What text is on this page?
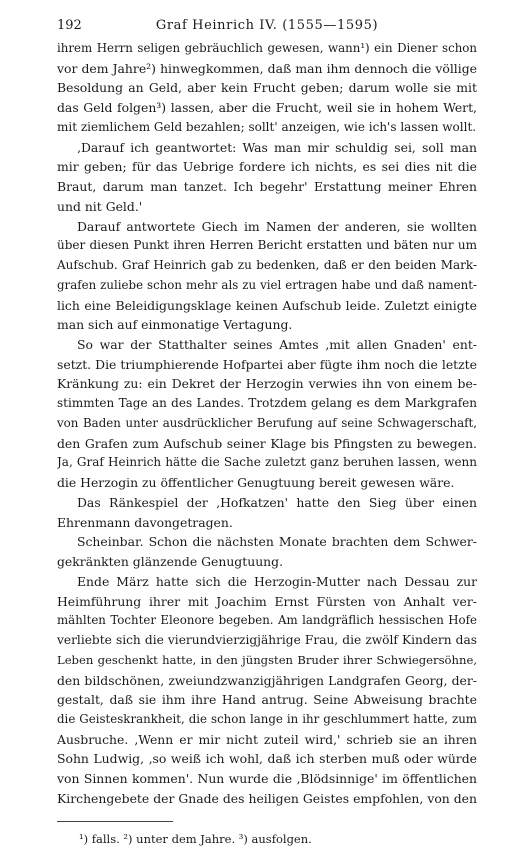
192	Graf Heinrich IV. (1555—1595)
ihrem Herrn seligen gebräuchlich gewesen, wann¹) ein Diener schon
vor dem Jahre²) hinwegkommen, daß man ihm dennoch die völlige
Besoldung an Geld, aber kein Frucht geben; darum wolle sie mit
das Geld folgen³) lassen, aber die Frucht, weil sie in hohem Wert,
mit ziemlichem Geld bezahlen; sollt' anzeigen, wie ich's lassen wollt.
‚Darauf ich geantwortet: Was man mir schuldig sei, soll man
mir geben; für das Uebrige fordere ich nichts, es sei dies nit die
Braut, darum man tanzet. Ich begehr' Erstattung meiner Ehren
und nit Geld.'
Darauf antwortete Giech im Namen der anderen, sie wollten
über diesen Punkt ihren Herren Bericht erstatten und bäten nur um
Aufschub. Graf Heinrich gab zu bedenken, daß er den beiden Mark-
grafen zuliebe schon mehr als zu viel ertragen habe und daß nament-
lich eine Beleidigungsklage keinen Aufschub leide. Zuletzt einigte
man sich auf einmonatige Vertagung.
So war der Statthalter seines Amtes ‚mit allen Gnaden' ent-
setzt. Die triumphierende Hofpartei aber fügte ihm noch die letzte
Kränkung zu: ein Dekret der Herzogin verwies ihn von einem be-
stimmten Tage an des Landes. Trotzdem gelang es dem Markgrafen
von Baden unter ausdrücklicher Berufung auf seine Schwagerschaft,
den Grafen zum Aufschub seiner Klage bis Pfingsten zu bewegen.
Ja, Graf Heinrich hätte die Sache zuletzt ganz beruhen lassen, wenn
die Herzogin zu öffentlicher Genugtuung bereit gewesen wäre.
Das Ränkespiel der ‚Hofkatzen' hatte den Sieg über einen
Ehrenmann davongetragen.
Scheinbar. Schon die nächsten Monate brachten dem Schwer-
gekränkten glänzende Genugtuung.
Ende März hatte sich die Herzogin-Mutter nach Dessau zur
Heimführung ihrer mit Joachim Ernst Fürsten von Anhalt ver-
mählten Tochter Eleonore begeben. Am landgräflich hessischen Hofe
verliebte sich die vierundvierzigjährige Frau, die zwölf Kindern das
Leben geschenkt hatte, in den jüngsten Bruder ihrer Schwiegersöhne,
den bildschönen, zweiundzwanzigjährigen Landgrafen Georg, der-
gestalt, daß sie ihm ihre Hand antrug. Seine Abweisung brachte
die Geisteskrankheit, die schon lange in ihr geschlummert hatte, zum
Ausbruche. ‚Wenn er mir nicht zuteil wird,' schrieb sie an ihren
Sohn Ludwig, ‚so weiß ich wohl, daß ich sterben muß oder würde
von Sinnen kommen'. Nun wurde die ‚Blödsinnige' im öffentlichen
Kirchengebete der Gnade des heiligen Geistes empfohlen, von den
¹) falls. ²) unter dem Jahre. ³) ausfolgen.
